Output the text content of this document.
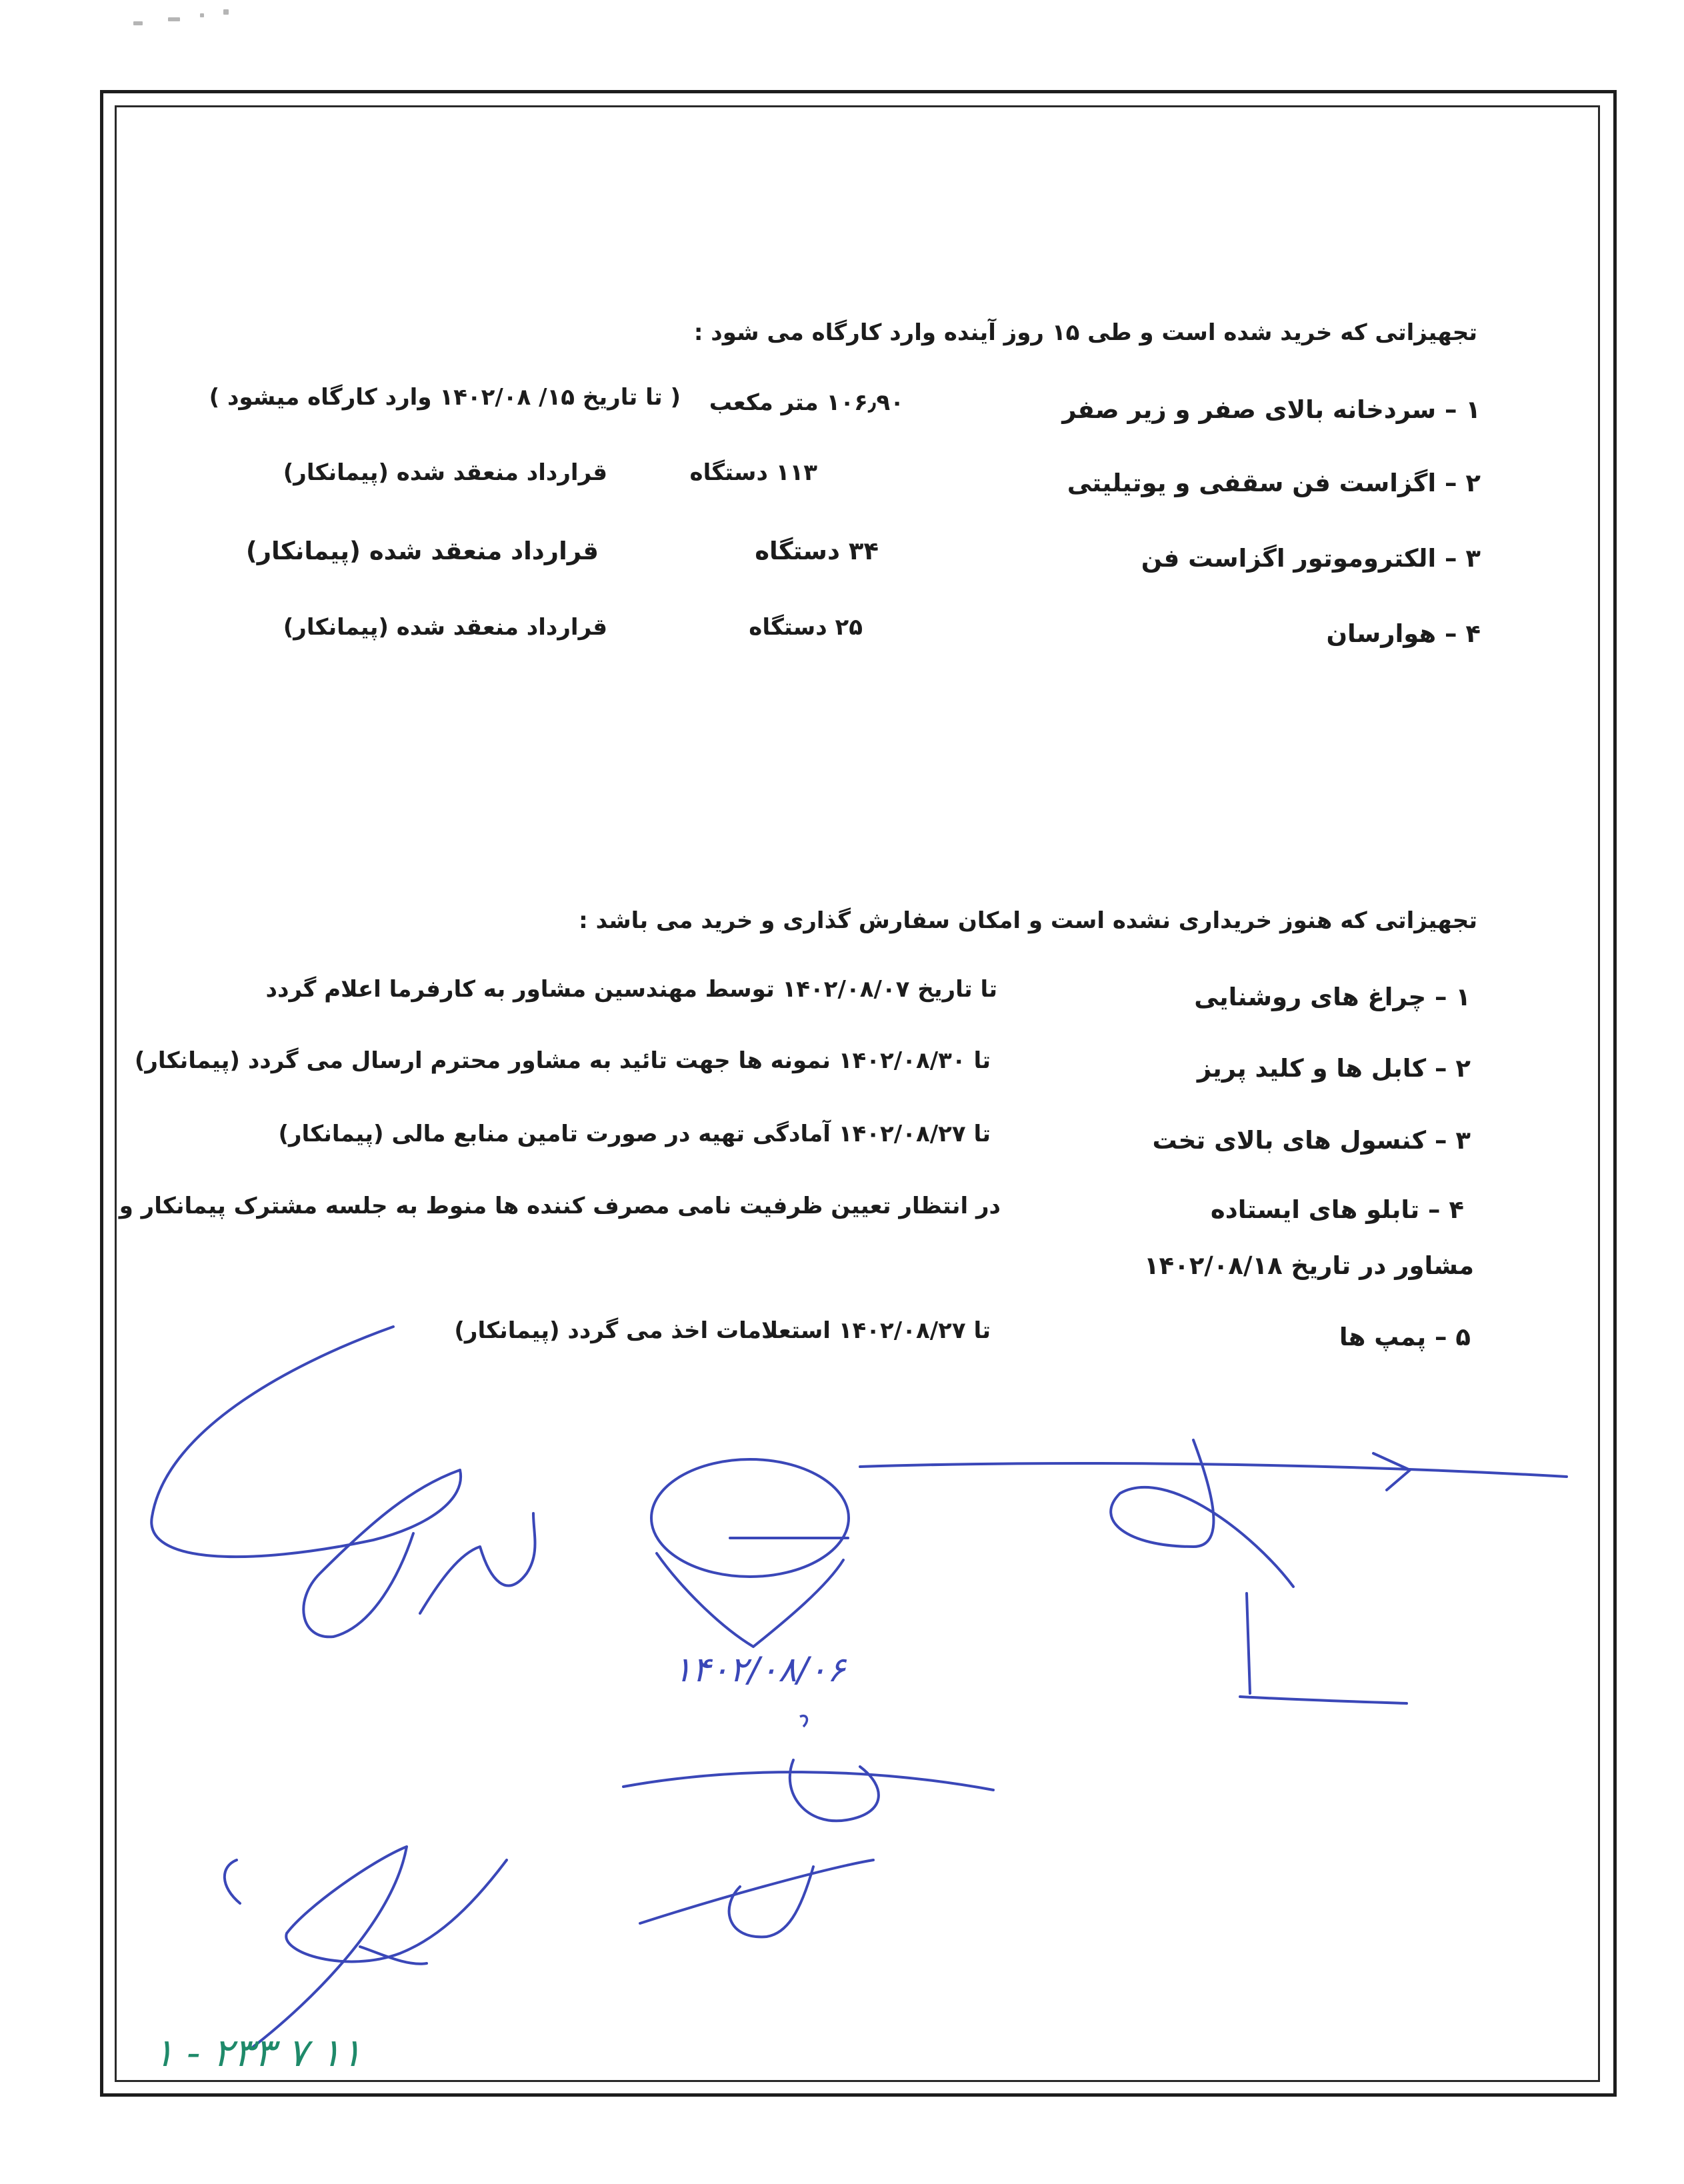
تجهیزاتی که خرید شده است و طی ۱۵ روز آینده وارد کارگاه می شود :
۱ – سردخانه بالای صفر و زیر صفر
۱۰۶٫۹۰ متر مکعب
( تا تاریخ ۱۵/ ۱۴۰۲/۰۸ وارد کارگاه میشود )
۲ – اگزاست فن سقفی و یوتیلیتی
۱۱۳ دستگاه
قرارداد منعقد شده (پیمانکار)
۳ – الکتروموتور اگزاست فن
۳۴ دستگاه
قرارداد منعقد شده (پیمانکار)
۴ – هوارسان
۲۵ دستگاه
قرارداد منعقد شده (پیمانکار)
تجهیزاتی که هنوز خریداری نشده است و امکان سفارش گذاری و خرید می باشد :
۱ – چراغ های روشنایی
تا تاریخ ۱۴۰۲/۰۸/۰۷ توسط مهندسین مشاور به کارفرما اعلام گردد
۲ – کابل ها و کلید پریز
تا ۱۴۰۲/۰۸/۳۰ نمونه ها جهت تائید به مشاور محترم ارسال می گردد (پیمانکار)
۳ – کنسول های بالای تخت
تا ۱۴۰۲/۰۸/۲۷ آمادگی تهیه در صورت تامین منابع مالی (پیمانکار)
۴ – تابلو های ایستاده
در انتظار تعیین ظرفیت نامی مصرف کننده ها منوط به جلسه مشترک پیمانکار و
مشاور در تاریخ ۱۴۰۲/۰۸/۱۸
۵ – پمپ ها
تا ۱۴۰۲/۰۸/۲۷ استعلامات اخذ می گردد (پیمانکار)
۱۴۰۲/۰۸/۰۶
۱۱ ۷ ۲۳۳ - ۱
